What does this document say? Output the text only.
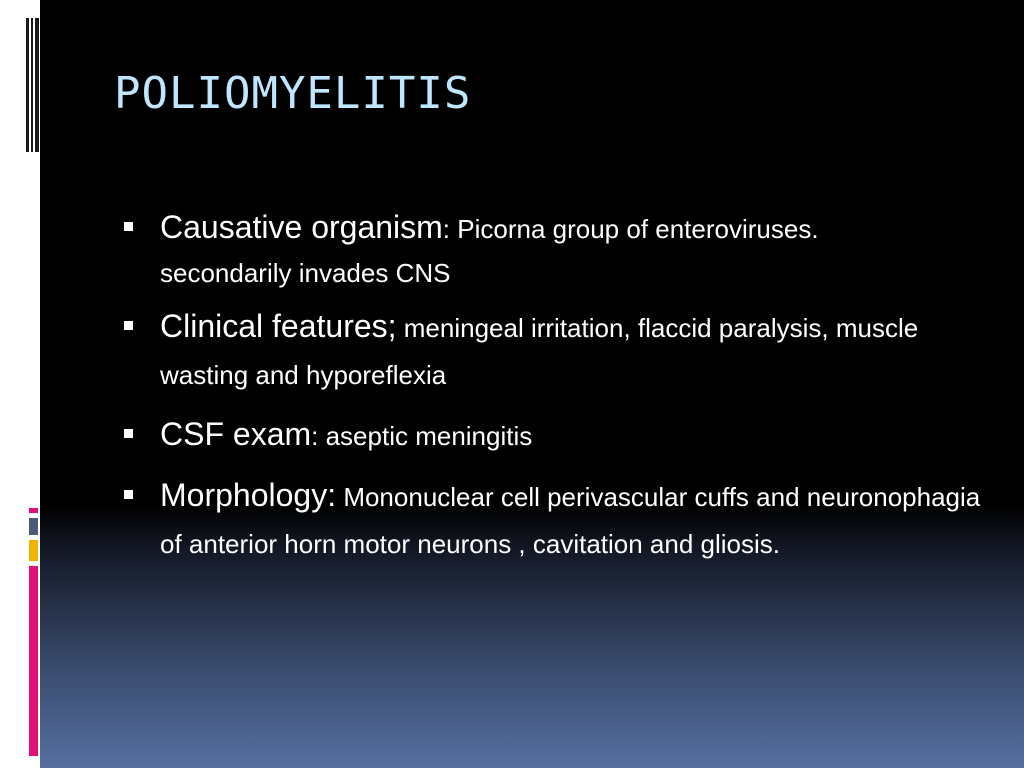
POLIOMYELITIS
Causative organism: Picorna group of enteroviruses.
secondarily invades CNS
Clinical features; meningeal irritation, flaccid paralysis, muscle wasting and hyporeflexia
CSF exam: aseptic meningitis
Morphology: Mononuclear cell perivascular cuffs and neuronophagia of anterior horn motor neurons , cavitation and gliosis.
